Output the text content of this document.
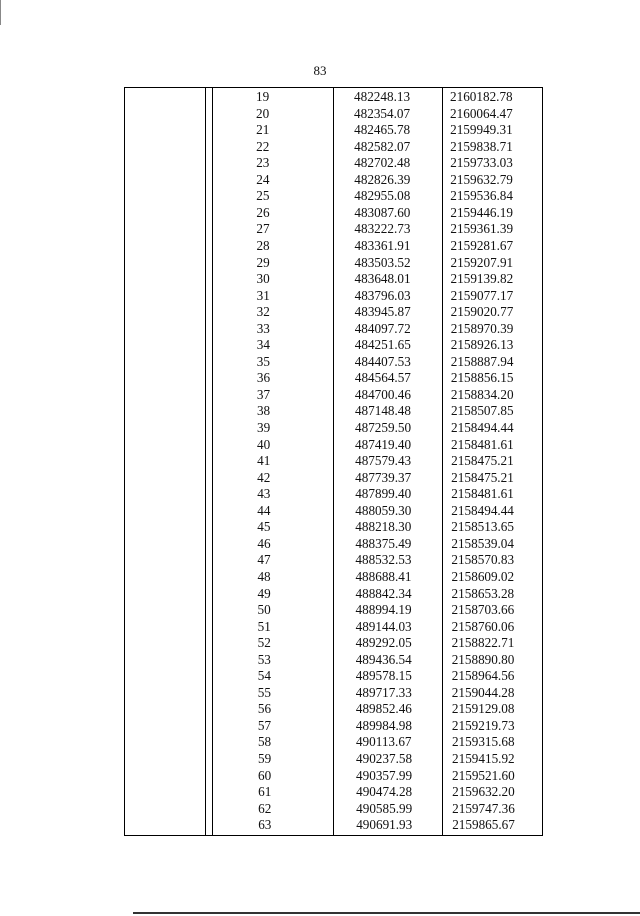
83
19	482248.13	2160182.78
20	482354.07	2160064.47
21	482465.78	2159949.31
22	482582.07	2159838.71
23	482702.48	2159733.03
24	482826.39	2159632.79
25	482955.08	2159536.84
26	483087.60	2159446.19
27	483222.73	2159361.39
28	483361.91	2159281.67
29	483503.52	2159207.91
30	483648.01	2159139.82
31	483796.03	2159077.17
32	483945.87	2159020.77
33	484097.72	2158970.39
34	484251.65	2158926.13
35	484407.53	2158887.94
36	484564.57	2158856.15
37	484700.46	2158834.20
38	487148.48	2158507.85
39	487259.50	2158494.44
40	487419.40	2158481.61
41	487579.43	2158475.21
42	487739.37	2158475.21
43	487899.40	2158481.61
44	488059.30	2158494.44
45	488218.30	2158513.65
46	488375.49	2158539.04
47	488532.53	2158570.83
48	488688.41	2158609.02
49	488842.34	2158653.28
50	488994.19	2158703.66
51	489144.03	2158760.06
52	489292.05	2158822.71
53	489436.54	2158890.80
54	489578.15	2158964.56
55	489717.33	2159044.28
56	489852.46	2159129.08
57	489984.98	2159219.73
58	490113.67	2159315.68
59	490237.58	2159415.92
60	490357.99	2159521.60
61	490474.28	2159632.20
62	490585.99	2159747.36
63	490691.93	2159865.67
